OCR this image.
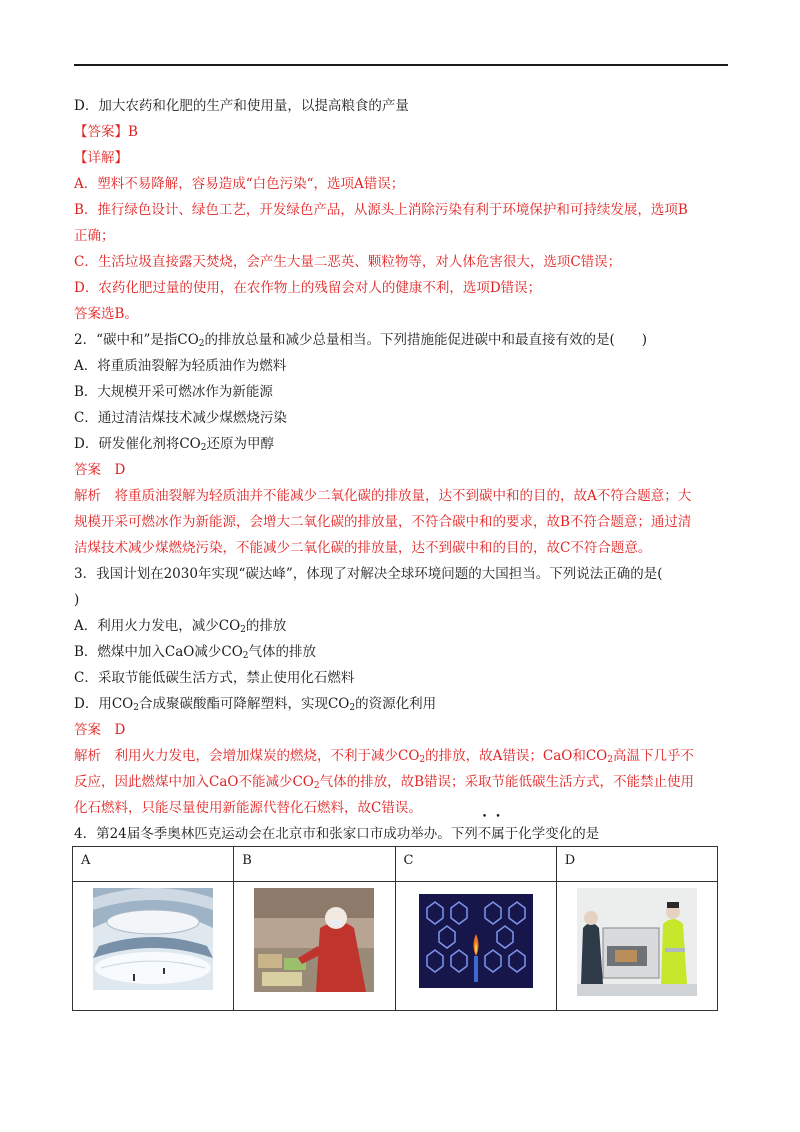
D．加大农药和化肥的生产和使用量，以提高粮食的产量
【答案】B
【详解】
A．塑料不易降解，容易造成“白色污染“，选项A错误；
B．推行绿色设计、绿色工艺，开发绿色产品，从源头上消除污染有利于环境保护和可持续发展，选项B
正确；
C．生活垃圾直接露天焚烧，会产生大量二恶英、颗粒物等，对人体危害很大，选项C错误；
D．农药化肥过量的使用，在农作物上的残留会对人的健康不利，选项D错误；
答案选B。
2．“碳中和”是指$CO_2$的排放总量和减少总量相当。下列措施能促进碳中和最直接有效的是(　　)
A．将重质油裂解为轻质油作为燃料
B．大规模开采可燃冰作为新能源
C．通过清洁煤技术减少煤燃烧污染
D．研发催化剂将$CO_2$还原为甲醇
答案　D
解析　将重质油裂解为轻质油并不能减少二氧化碳的排放量，达不到碳中和的目的，故A不符合题意；大
规模开采可燃冰作为新能源，会增大二氧化碳的排放量，不符合碳中和的要求，故B不符合题意；通过清
洁煤技术减少煤燃烧污染，不能减少二氧化碳的排放量，达不到碳中和的目的，故C不符合题意。
3．我国计划在2030年实现“碳达峰”，体现了对解决全球环境问题的大国担当。下列说法正确的是(
)
A．利用火力发电，减少$CO_2$的排放
B．燃煤中加入CaO减少$CO_2$气体的排放
C．采取节能低碳生活方式，禁止使用化石燃料
D．用$CO_2$合成聚碳酸酯可降解塑料，实现$CO_2$的资源化利用
答案　D
解析　利用火力发电，会增加煤炭的燃烧，不利于减少$CO_2$的排放，故A错误；CaO和$CO_2$高温下几乎不
反应，因此燃煤中加入CaO不能减少$CO_2$气体的排放，故B错误；采取节能低碳生活方式，不能禁止使用
化石燃料，只能尽量使用新能源代替化石燃料，故C错误。
4．第24届冬季奥林匹克运动会在北京市和张家口市成功举办。下列不属于化学变化的是
A	B	C	D
